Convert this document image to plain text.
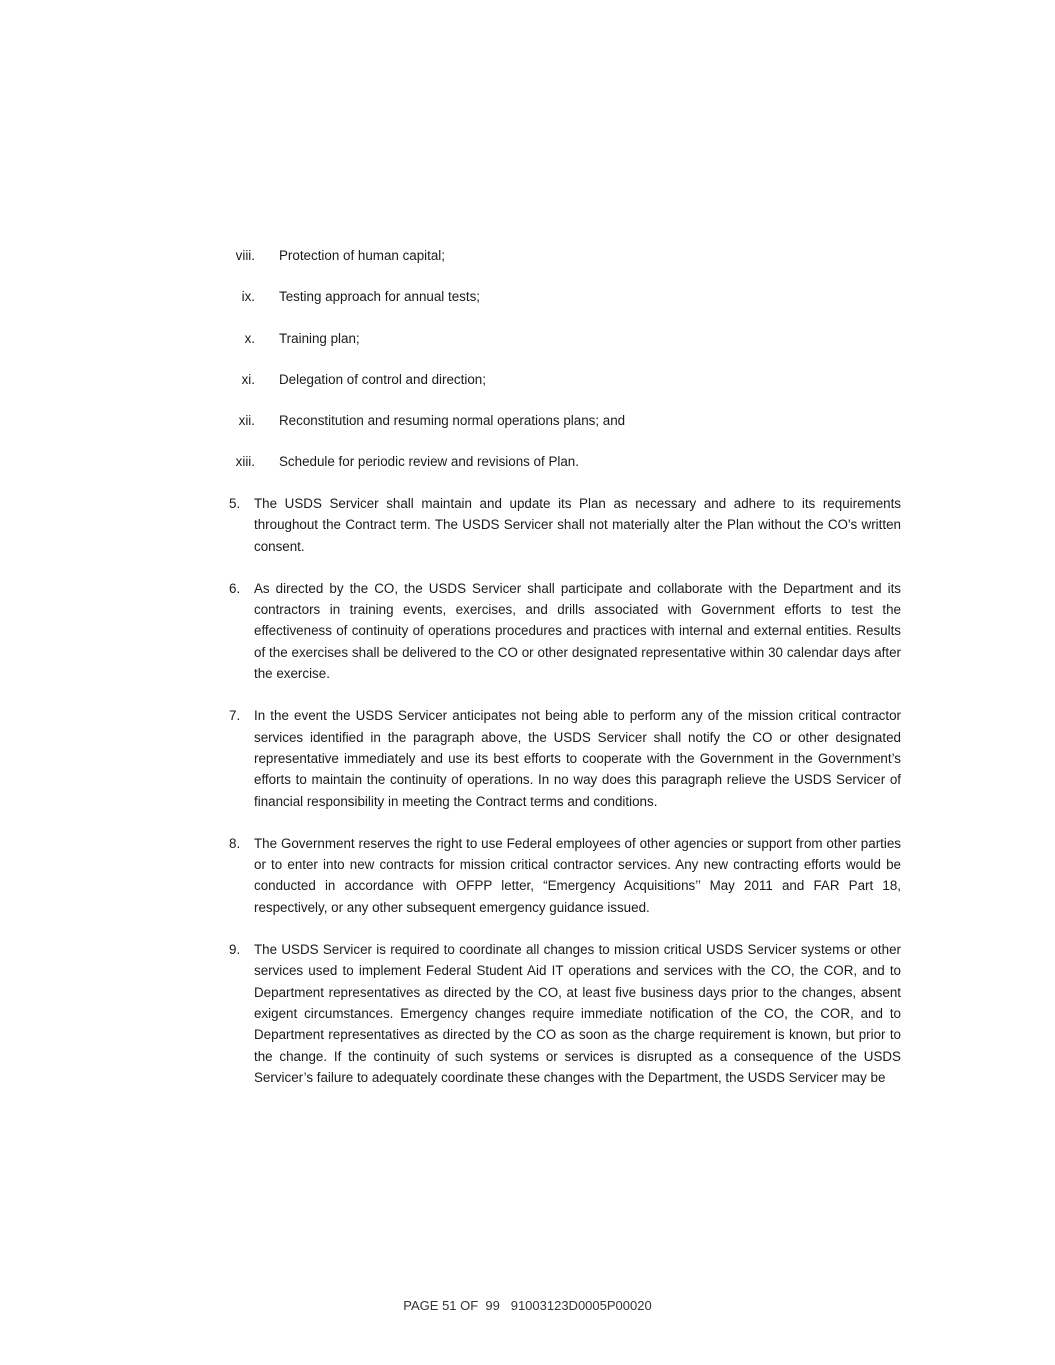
viii. Protection of human capital;
ix. Testing approach for annual tests;
x. Training plan;
xi. Delegation of control and direction;
xii. Reconstitution and resuming normal operations plans; and
xiii. Schedule for periodic review and revisions of Plan.
5. The USDS Servicer shall maintain and update its Plan as necessary and adhere to its requirements throughout the Contract term. The USDS Servicer shall not materially alter the Plan without the CO's written consent.
6. As directed by the CO, the USDS Servicer shall participate and collaborate with the Department and its contractors in training events, exercises, and drills associated with Government efforts to test the effectiveness of continuity of operations procedures and practices with internal and external entities. Results of the exercises shall be delivered to the CO or other designated representative within 30 calendar days after the exercise.
7. In the event the USDS Servicer anticipates not being able to perform any of the mission critical contractor services identified in the paragraph above, the USDS Servicer shall notify the CO or other designated representative immediately and use its best efforts to cooperate with the Government in the Government’s efforts to maintain the continuity of operations. In no way does this paragraph relieve the USDS Servicer of financial responsibility in meeting the Contract terms and conditions.
8. The Government reserves the right to use Federal employees of other agencies or support from other parties or to enter into new contracts for mission critical contractor services. Any new contracting efforts would be conducted in accordance with OFPP letter, “Emergency Acquisitions’’ May 2011 and FAR Part 18, respectively, or any other subsequent emergency guidance issued.
9. The USDS Servicer is required to coordinate all changes to mission critical USDS Servicer systems or other services used to implement Federal Student Aid IT operations and services with the CO, the COR, and to Department representatives as directed by the CO, at least five business days prior to the changes, absent exigent circumstances. Emergency changes require immediate notification of the CO, the COR, and to Department representatives as directed by the CO as soon as the charge requirement is known, but prior to the change. If the continuity of such systems or services is disrupted as a consequence of the USDS Servicer’s failure to adequately coordinate these changes with the Department, the USDS Servicer may be
PAGE 51 OF  99   91003123D0005P00020
